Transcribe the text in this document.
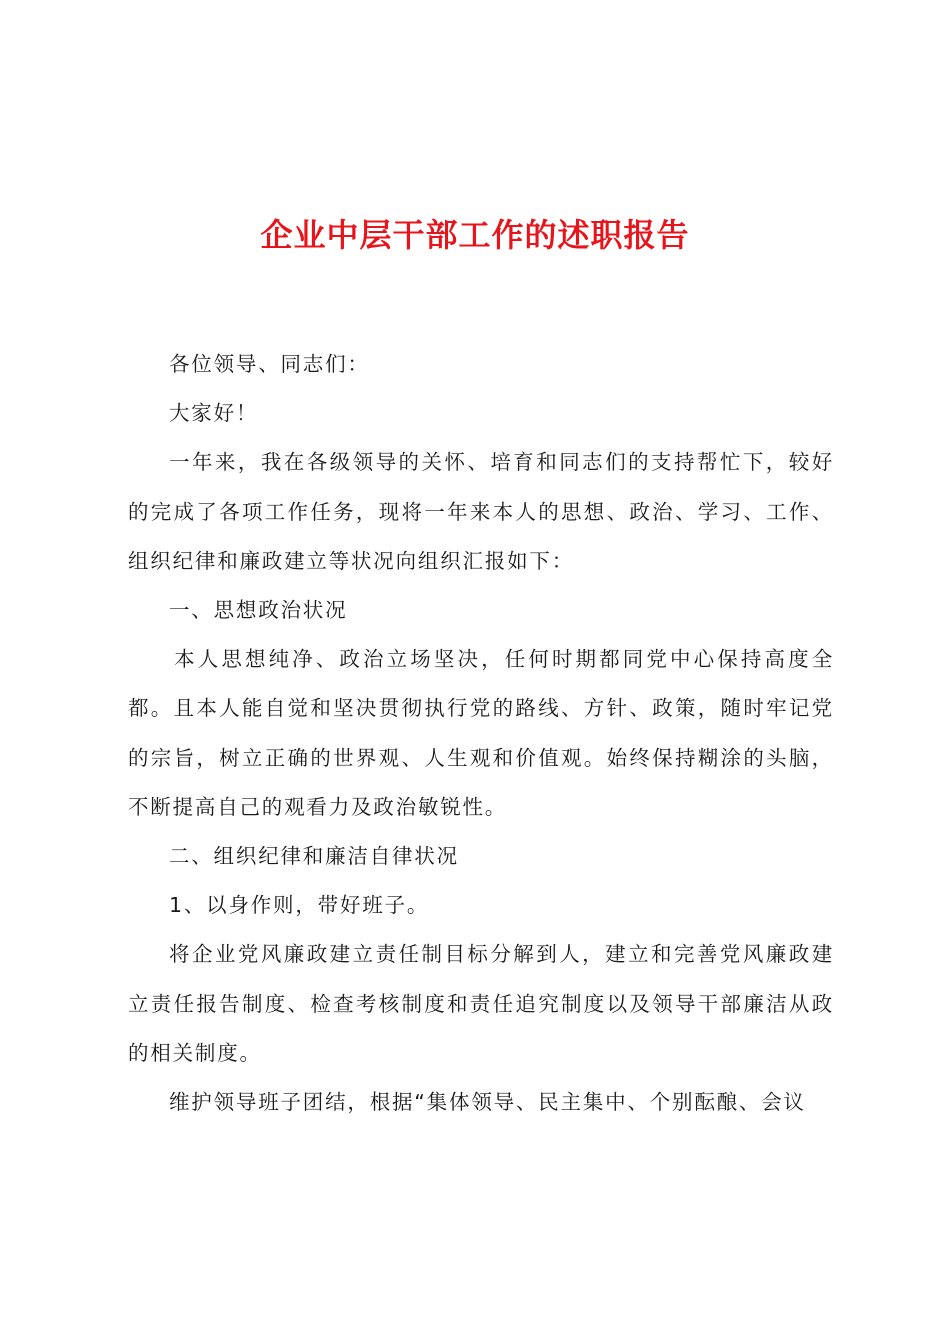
企业中层干部工作的述职报告

各位领导、同志们：

大家好！

一年来，我在各级领导的关怀、培育和同志们的支持帮忙下，较好的完成了各项工作任务，现将一年来本人的思想、政治、学习、工作、组织纪律和廉政建立等状况向组织汇报如下：

一、思想政治状况

本人思想纯净、政治立场坚决，任何时期都同党中心保持高度全都。且本人能自觉和坚决贯彻执行党的路线、方针、政策，随时牢记党的宗旨，树立正确的世界观、人生观和价值观。始终保持糊涂的头脑，不断提高自己的观看力及政治敏锐性。

二、组织纪律和廉洁自律状况

1、以身作则，带好班子。

将企业党风廉政建立责任制目标分解到人，建立和完善党风廉政建立责任报告制度、检查考核制度和责任追究制度以及领导干部廉洁从政的相关制度。

维护领导班子团结，根据“集体领导、民主集中、个别酝酿、会议
